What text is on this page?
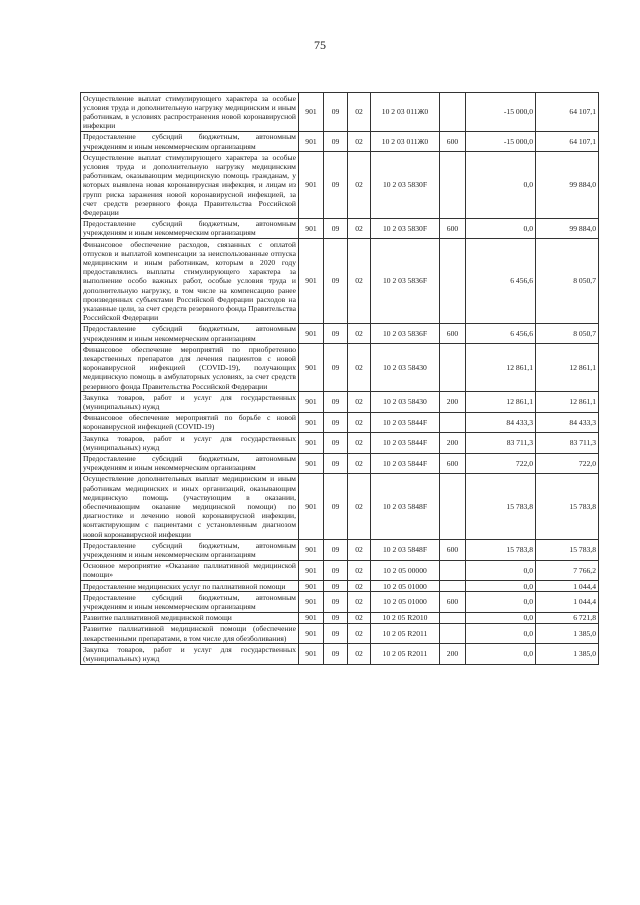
75
Осуществление выплат стимулирующего характера за особые условия труда и дополнительную нагрузку медицинским и иным работникам, в условиях распространения новой коронавирусной инфекции	901	09	02	10 2 03 011Ж0		-15 000,0	64 107,1
Предоставление субсидий бюджетным, автономным учреждениям и иным некоммерческим организациям	901	09	02	10 2 03 011Ж0	600	-15 000,0	64 107,1
Осуществление выплат стимулирующего характера за особые условия труда и дополнительную нагрузку медицинским работникам, оказывающим медицинскую помощь гражданам, у которых выявлена новая коронавирусная инфекция, и лицам из групп риска заражения новой коронавирусной инфекцией, за счет средств резервного фонда Правительства Российской Федерации	901	09	02	10 2 03 5830F		0,0	99 884,0
Предоставление субсидий бюджетным, автономным учреждениям и иным некоммерческим организациям	901	09	02	10 2 03 5830F	600	0,0	99 884,0
Финансовое обеспечение расходов, связанных с оплатой отпусков и выплатой компенсации за неиспользованные отпуска медицинским и иным работникам, которым в 2020 году предоставлялись выплаты стимулирующего характера за выполнение особо важных работ, особые условия труда и дополнительную нагрузку, в том числе на компенсацию ранее произведенных субъектами Российской Федерации расходов на указанные цели, за счет средств резервного фонда Правительства Российской Федерации	901	09	02	10 2 03 5836F		6 456,6	8 050,7
Предоставление субсидий бюджетным, автономным учреждениям и иным некоммерческим организациям	901	09	02	10 2 03 5836F	600	6 456,6	8 050,7
Финансовое обеспечение мероприятий по приобретению лекарственных препаратов для лечения пациентов с новой коронавирусной инфекцией (COVID-19), получающих медицинскую помощь в амбулаторных условиях, за счет средств резервного фонда Правительства Российской Федерации	901	09	02	10 2 03 58430		12 861,1	12 861,1
Закупка товаров, работ и услуг для государственных (муниципальных) нужд	901	09	02	10 2 03 58430	200	12 861,1	12 861,1
Финансовое обеспечение мероприятий по борьбе с новой коронавирусной инфекцией (COVID-19)	901	09	02	10 2 03 5844F		84 433,3	84 433,3
Закупка товаров, работ и услуг для государственных (муниципальных) нужд	901	09	02	10 2 03 5844F	200	83 711,3	83 711,3
Предоставление субсидий бюджетным, автономным учреждениям и иным некоммерческим организациям	901	09	02	10 2 03 5844F	600	722,0	722,0
Осуществление дополнительных выплат медицинским и иным работникам медицинских и иных организаций, оказывающим медицинскую помощь (участвующим в оказании, обеспечивающим оказание медицинской помощи) по диагностике и лечению новой коронавирусной инфекции, контактирующим с пациентами с установленным диагнозом новой коронавирусной инфекции	901	09	02	10 2 03 5848F		15 783,8	15 783,8
Предоставление субсидий бюджетным, автономным учреждениям и иным некоммерческим организациям	901	09	02	10 2 03 5848F	600	15 783,8	15 783,8
Основное мероприятие «Оказание паллиативной медицинской помощи»	901	09	02	10 2 05 00000		0,0	7 766,2
Предоставление медицинских услуг по паллиативной помощи	901	09	02	10 2 05 01000		0,0	1 044,4
Предоставление субсидий бюджетным, автономным учреждениям и иным некоммерческим организациям	901	09	02	10 2 05 01000	600	0,0	1 044,4
Развитие паллиативной медицинской помощи	901	09	02	10 2 05 R2010		0,0	6 721,8
Развитие паллиативной медицинской помощи (обеспечение лекарственными препаратами, в том числе для обезболивания)	901	09	02	10 2 05 R2011		0,0	1 385,0
Закупка товаров, работ и услуг для государственных (муниципальных) нужд	901	09	02	10 2 05 R2011	200	0,0	1 385,0
